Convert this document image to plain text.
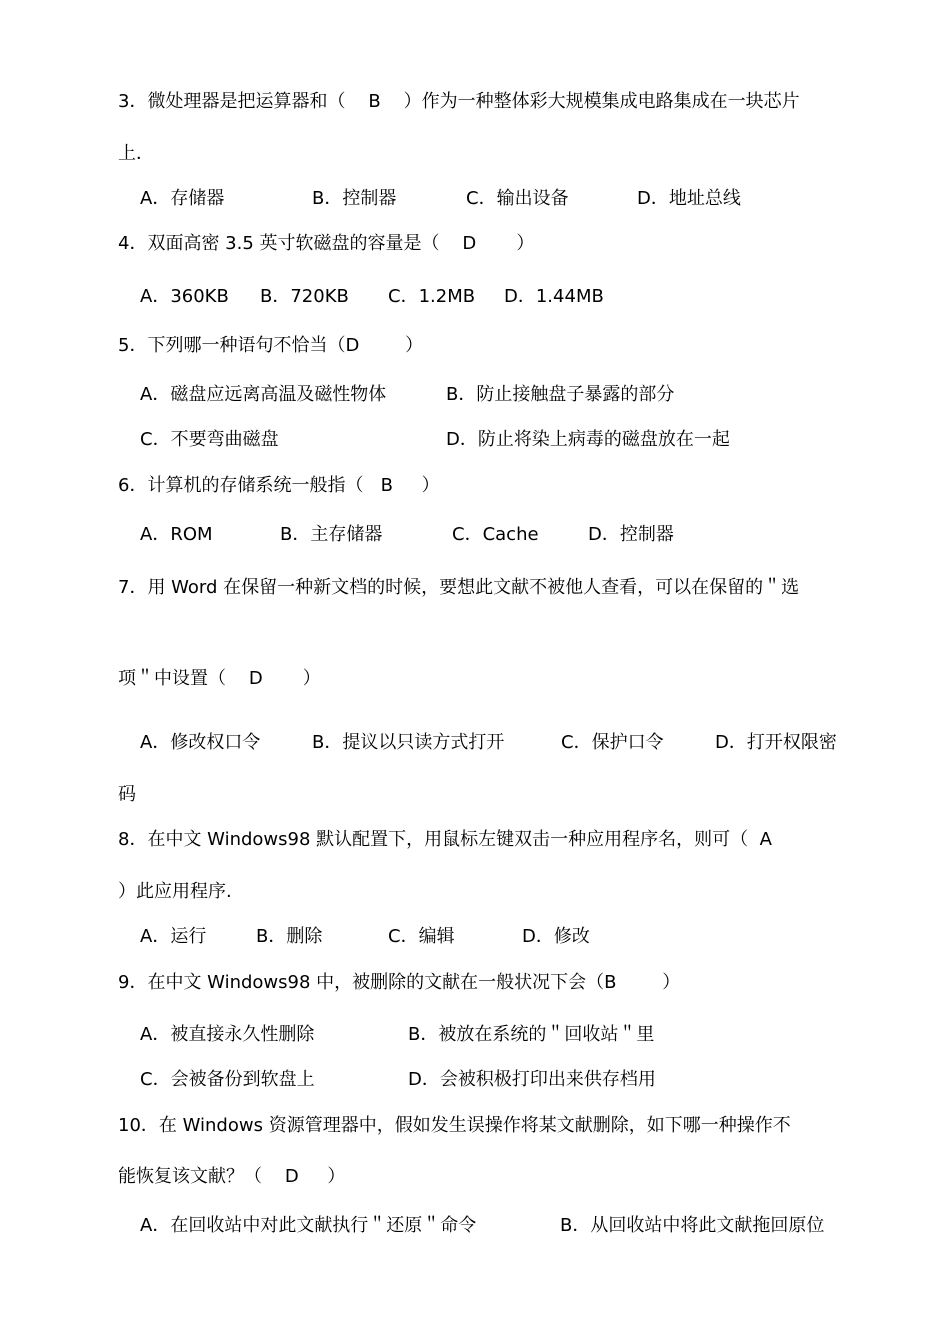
3．微处理器是把运算器和（    B    ）作为一种整体彩大规模集成电路集成在一块芯片
上．
A．存储器	B．控制器	C．输出设备	D．地址总线
4．双面高密 3.5 英寸软磁盘的容量是（    D       ）
A．360KB B．720KB C．1.2MB D．1.44MB
5．下列哪一种语句不恰当（D        ）
A．磁盘应远离高温及磁性物体	B．防止接触盘子暴露的部分
C．不要弯曲磁盘	D．防止将染上病毒的磁盘放在一起
6．计算机的存储系统一般指（   B     ）
A．ROM	B．主存储器	C．Cache	D．控制器
7．用 Word 在保留一种新文档的时候，要想此文献不被他人查看，可以在保留的＂选
项＂中设置（    D       ）
A．修改权口令	B．提议以只读方式打开	C．保护口令	D．打开权限密
码
8．在中文 Windows98 默认配置下，用鼠标左键双击一种应用程序名，则可（  A
）此应用程序.
A．运行	B．删除	C．编辑	D．修改
9．在中文 Windows98 中，被删除的文献在一般状况下会（B        ）
A．被直接永久性删除	B．被放在系统的＂回收站＂里
C．会被备份到软盘上	D．会被积极打印出来供存档用
10．在 Windows 资源管理器中，假如发生误操作将某文献删除，如下哪一种操作不
能恢复该文献？（    D     ）
A．在回收站中对此文献执行＂还原＂命令	B．从回收站中将此文献拖回原位
